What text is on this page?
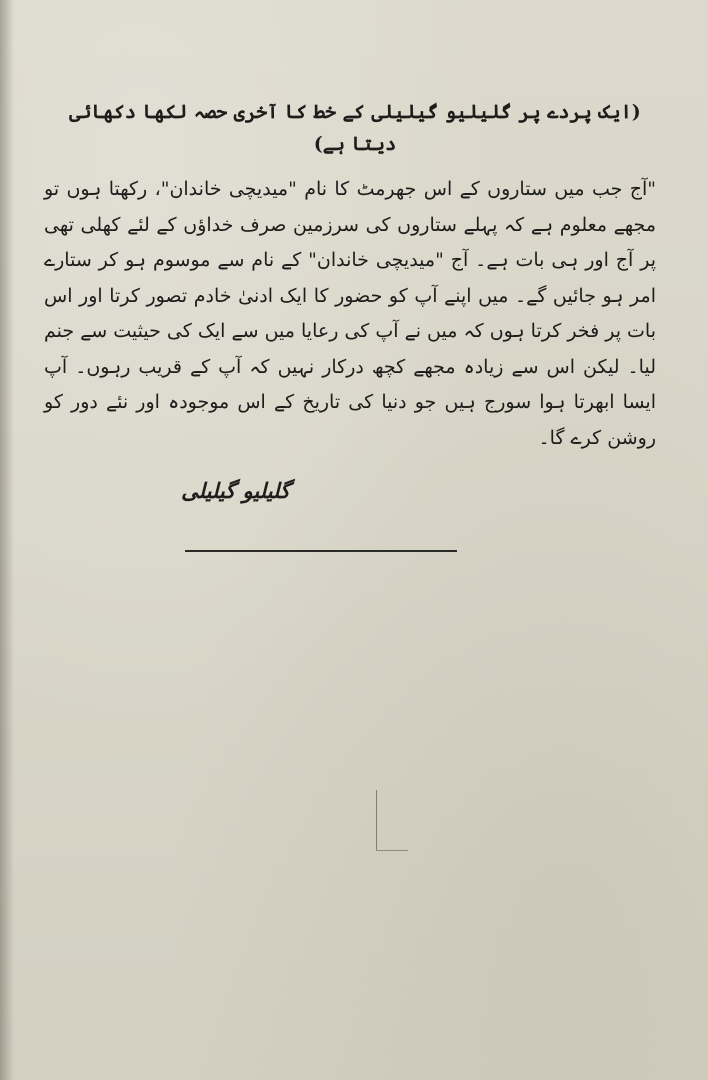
(ایک پردے پر گلیلیو گیلیلی کے خط کا آخری حصہ لکھا دکھائی دیتا ہے)

"آج جب میں ستاروں کے اس جھرمٹ کا نام "میدیچی خاندان"، رکھتا ہوں تو مجھے معلوم ہے کہ پہلے ستاروں کی سرزمین صرف خداؤں کے لئے کھلی تھی پر آج اور ہی بات ہے۔ آج "میدیچی خاندان" کے نام سے موسوم ہو کر ستارے امر ہو جائیں گے۔ میں اپنے آپ کو حضور کا ایک ادنیٰ خادم تصور کرتا اور اس بات پر فخر کرتا ہوں کہ میں نے آپ کی رعایا میں سے ایک کی حیثیت سے جنم لیا۔ لیکن اس سے زیادہ مجھے کچھ درکار نہیں کہ آپ کے قریب رہوں۔ آپ ایسا ابھرتا ہوا سورج ہیں جو دنیا کی تاریخ کے اس موجودہ اور نئے دور کو روشن کرے گا۔

گلیلیو گیلیلی
